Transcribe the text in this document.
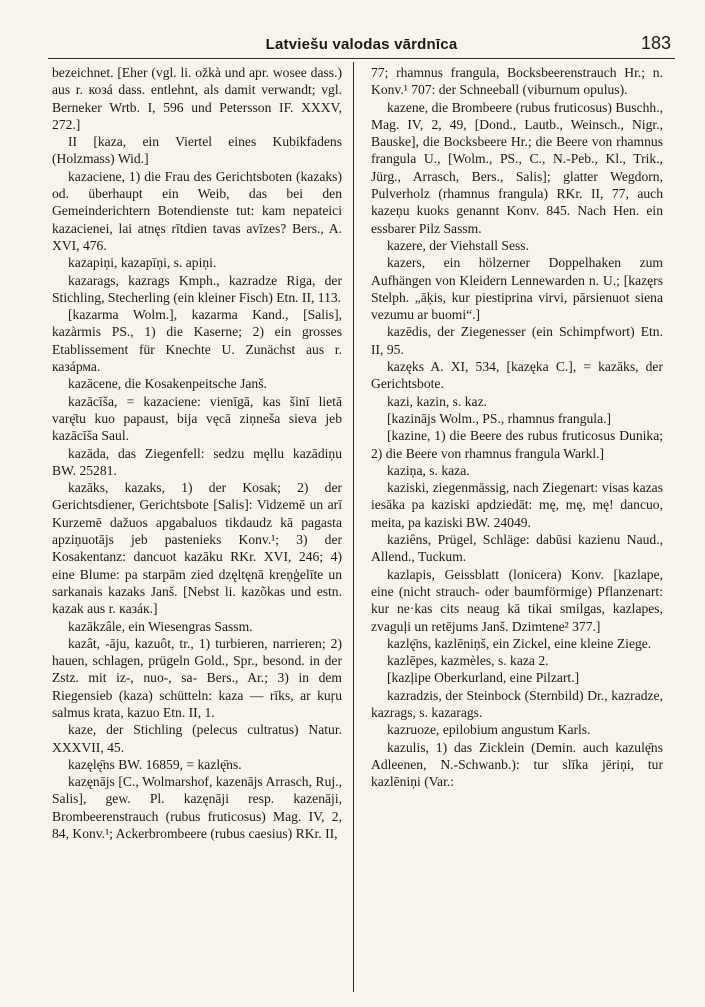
Latviešu valodas vārdnīca	183

bezeichnet. [Eher (vgl. li. ožkà und apr. wosee dass.) aus r. козá dass. entlehnt, als damit verwandt; vgl. Berneker Wrtb. I, 596 und Petersson IF. XXXV, 272.]

II [kaza, ein Viertel eines Kubikfadens (Holzmass) Wid.]

kazaciene, 1) die Frau des Gerichtsboten (kazaks) od. überhaupt ein Weib, das bei den Gemeinderichtern Botendienste tut: kam nepateici kazacienei, lai atnęs rītdien tavas avīzes? Bers., A. XVI, 476.

kazapiņi, kazapīņi, s. apiņi.

kazarags, kazrags Kmph., kazradze Riga, der Stichling, Stecherling (ein kleiner Fisch) Etn. II, 113.

[kazarma Wolm.], kazarma Kand., [Salis], kazàrmis PS., 1) die Kaserne; 2) ein grosses Etablissement für Knechte U. Zunächst aus r. казáрма.

kazācene, die Kosakenpeitsche Janš.

kazācīša, = kazaciene: vienīgā, kas šinī lietā varę̄tu kuo papaust, bija vęcā ziņneša sieva jeb kazācīša Saul.

kazāda, das Ziegenfell: sedzu męllu kazādiņu BW. 25281.

kazāks, kazaks, 1) der Kosak; 2) der Gerichtsdiener, Gerichtsbote [Salis]: Vidzemē un arī Kurzemē dažuos apgabaluos tikdaudz kā pagasta apziņuotājs jeb pastenieks Konv.¹; 3) der Kosakentanz: dancuot kazāku RKr. XVI, 246; 4) eine Blume: pa starpām zied dzęltęnā kreņģelīte un sarkanais kazaks Janš. [Nebst li. kazõkas und estn. kazak aus r. казáк.]

kazākzâle, ein Wiesengras Sassm.

kazât, -āju, kazuôt, tr., 1) turbieren, narrieren; 2) hauen, schlagen, prügeln Gold., Spr., besond. in der Zstz. mit iz-, nuo-, sa- Bers., Ar.; 3) in dem Riegensieb (kaza) schütteln: kaza — rīks, ar kuŗu salmus krata, kazuo Etn. II, 1.

kaze, der Stichling (pelecus cultratus) Natur. XXXVII, 45.

kazęlę̄ns BW. 16859, = kazlę̄ns.

kazęnājs [C., Wolmarshof, kazenājs Arrasch, Ruj., Salis], gew. Pl. kazęnāji resp. kazenāji, Brombeerenstrauch (rubus fruticosus) Mag. IV, 2, 84, Konv.¹; Ackerbrombeere (rubus caesius) RKr. II,

77; rhamnus frangula, Bocksbeerenstrauch Hr.; n. Konv.¹ 707: der Schneeball (viburnum opulus).

kazene, die Brombeere (rubus fruticosus) Buschh., Mag. IV, 2, 49, [Dond., Lautb., Weinsch., Nigr., Bauske], die Bocksbeere Hr.; die Beere von rhamnus frangula U., [Wolm., PS., C., N.-Peb., Kl., Trik., Jürg., Arrasch, Bers., Salis]; glatter Wegdorn, Pulverholz (rhamnus frangula) RKr. II, 77, auch kazeņu kuoks genannt Konv. 845. Nach Hen. ein essbarer Pilz Sassm.

kazere, der Viehstall Sess.

kazers, ein hölzerner Doppelhaken zum Aufhängen von Kleidern Lennewarden n. U.; [kazęrs Stelph. „āķis, kur piestiprina virvi, pārsienuot siena vezumu ar buomi“.]

kazēdis, der Ziegenesser (ein Schimpfwort) Etn. II, 95.

kazęks A. XI, 534, [kazęka C.], = kazāks, der Gerichtsbote.

kazi, kazin, s. kaz.

[kazinājs Wolm., PS., rhamnus frangula.]

[kazine, 1) die Beere des rubus fruticosus Dunika; 2) die Beere von rhamnus frangula Warkl.]

kaziņa, s. kaza.

kaziski, ziegenmässig, nach Ziegenart: visas kazas iesāka pa kaziski apdziedāt: mę, mę, mę! dancuo, meita, pa kaziski BW. 24049.

kaziêns, Prügel, Schläge: dabūsi kazienu Naud., Allend., Tuckum.

kazlapis, Geissblatt (lonicera) Konv. [kazlape, eine (nicht strauch- oder baumförmige) Pflanzenart: kur ne·kas cits neaug kā tikai smilgas, kazlapes, zvaguļi un retējums Janš. Dzimtene² 377.]

kazlę̄ns, kazlēniņš, ein Zickel, eine kleine Ziege.

kazlēpes, kazmèles, s. kaza 2.

[kazļipe Oberkurland, eine Pilzart.]

kazradzis, der Steinbock (Sternbild) Dr., kazradze, kazrags, s. kazarags.

kazruoze, epilobium angustum Karls.

kazulis, 1) das Zicklein (Demin. auch kazulę̄ns Adleenen, N.-Schwanb.): tur slīka jēriņi, tur kazlēniņi (Var.:
